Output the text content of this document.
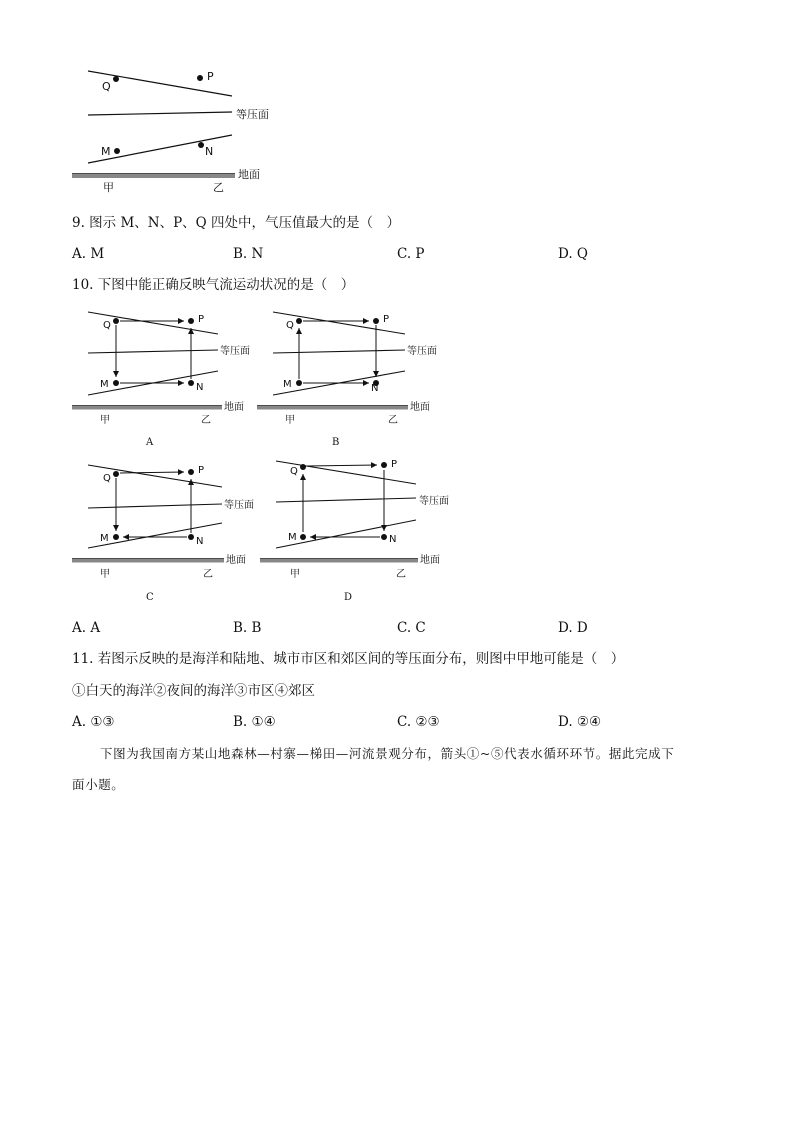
Q
P
M	N
等压面
地面
甲	乙
9. 图示 M、N、P、Q 四处中，气压值最大的是（　）
A. M	B. N	C. P	D. Q
10. 下图中能正确反映气流运动状况的是（　）
Q
P
M	N
等压面
地面
甲	乙
A
Q
P
M	N
等压面
地面
甲	乙
B
Q
P
M	N
等压面
地面
甲	乙
C
Q
P
M	N
等压面
地面
甲	乙
D
A. A	B. B	C. C	D. D
11. 若图示反映的是海洋和陆地、城市市区和郊区间的等压面分布，则图中甲地可能是（　）
①白天的海洋②夜间的海洋③市区④郊区
A. ①③	B. ①④	C. ②③	D. ②④
下图为我国南方某山地森林—村寨—梯田—河流景观分布，箭头①~⑤代表水循环环节。据此完成下
面小题。
